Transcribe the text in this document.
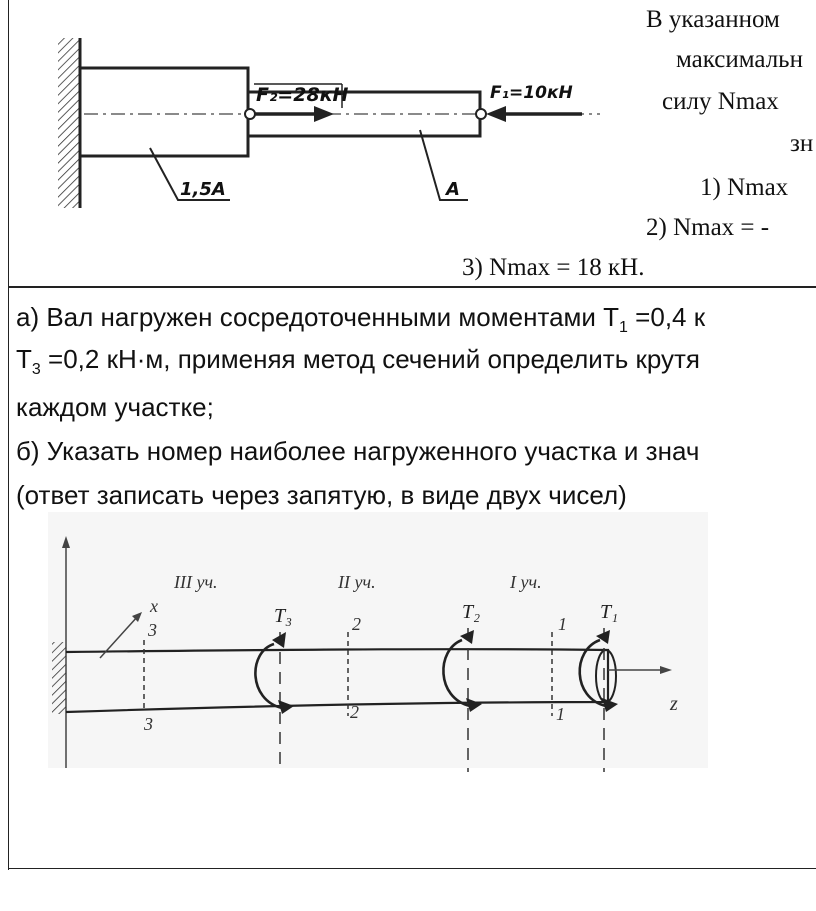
F₂=28кН	F₁=10кН
1,5A	A
В указанном
максимальн
силу Nmax
зн
1) Nmax
2) Nmax = -
3) Nmax = 18 кН.
а) Вал нагружен сосредоточенными моментами $Т_1 =0,4$ к
$Т_3 =0,2$ кН·м, применяя метод сечений определить крутя
каждом участке;
б) Указать номер наиболее нагруженного участка и знач
(ответ записать через запятую, в виде двух чисел)
z
x
III уч.	II уч.	I уч.
3
3
2
2
1
1
T₃	T₂	T₁
